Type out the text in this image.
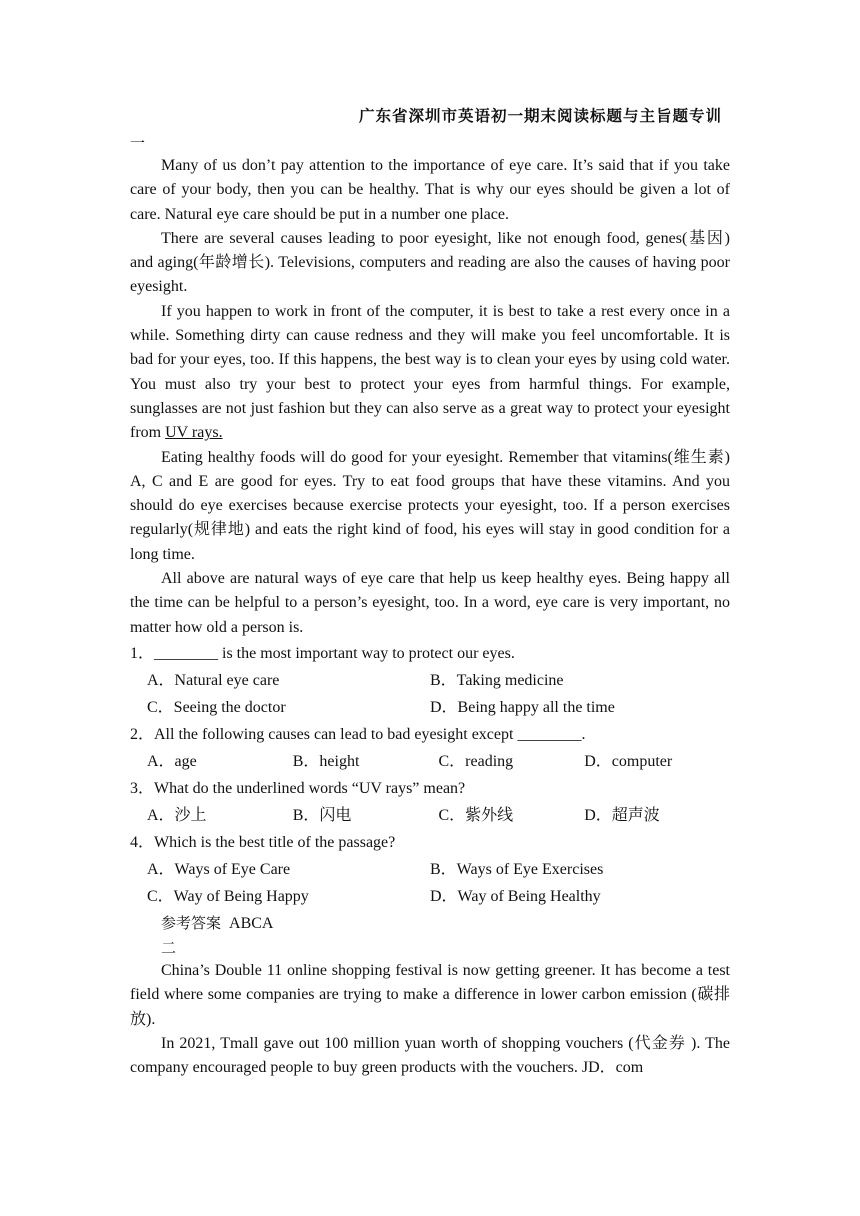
广东省深圳市英语初一期末阅读标题与主旨题专训
一

Many of us don’t pay attention to the importance of eye care. It’s said that if you take care of your body, then you can be healthy. That is why our eyes should be given a lot of care. Natural eye care should be put in a number one place.

There are several causes leading to poor eyesight, like not enough food, genes(基因) and aging(年龄增长). Televisions, computers and reading are also the causes of having poor eyesight.

If you happen to work in front of the computer, it is best to take a rest every once in a while. Something dirty can cause redness and they will make you feel uncomfortable. It is bad for your eyes, too. If this happens, the best way is to clean your eyes by using cold water. You must also try your best to protect your eyes from harmful things. For example, sunglasses are not just fashion but they can also serve as a great way to protect your eyesight from UV rays.

Eating healthy foods will do good for your eyesight. Remember that vitamins(维生素) A, C and E are good for eyes. Try to eat food groups that have these vitamins. And you should do eye exercises because exercise protects your eyesight, too. If a person exercises regularly(规律地) and eats the right kind of food, his eyes will stay in good condition for a long time.

All above are natural ways of eye care that help us keep healthy eyes. Being happy all the time can be helpful to a person’s eyesight, too. In a word, eye care is very important, no matter how old a person is.

1．________ is the most important way to protect our eyes.
A．Natural eye care	B．Taking medicine
C．Seeing the doctor	D．Being happy all the time
2．All the following causes can lead to bad eyesight except ________.
A．age	B．height	C．reading	D．computer
3．What do the underlined words “UV rays” mean?
A．沙上	B．闪电	C．紫外线	D．超声波
4．Which is the best title of the passage?
A．Ways of Eye Care	B．Ways of Eye Exercises
C．Way of Being Happy	D．Way of Being Healthy
参考答案 ABCA
二

China’s Double 11 online shopping festival is now getting greener. It has become a test field where some companies are trying to make a difference in lower carbon emission (碳排放).

In 2021, Tmall gave out 100 million yuan worth of shopping vouchers (代金券 ). The company encouraged people to buy green products with the vouchers. JD．com
